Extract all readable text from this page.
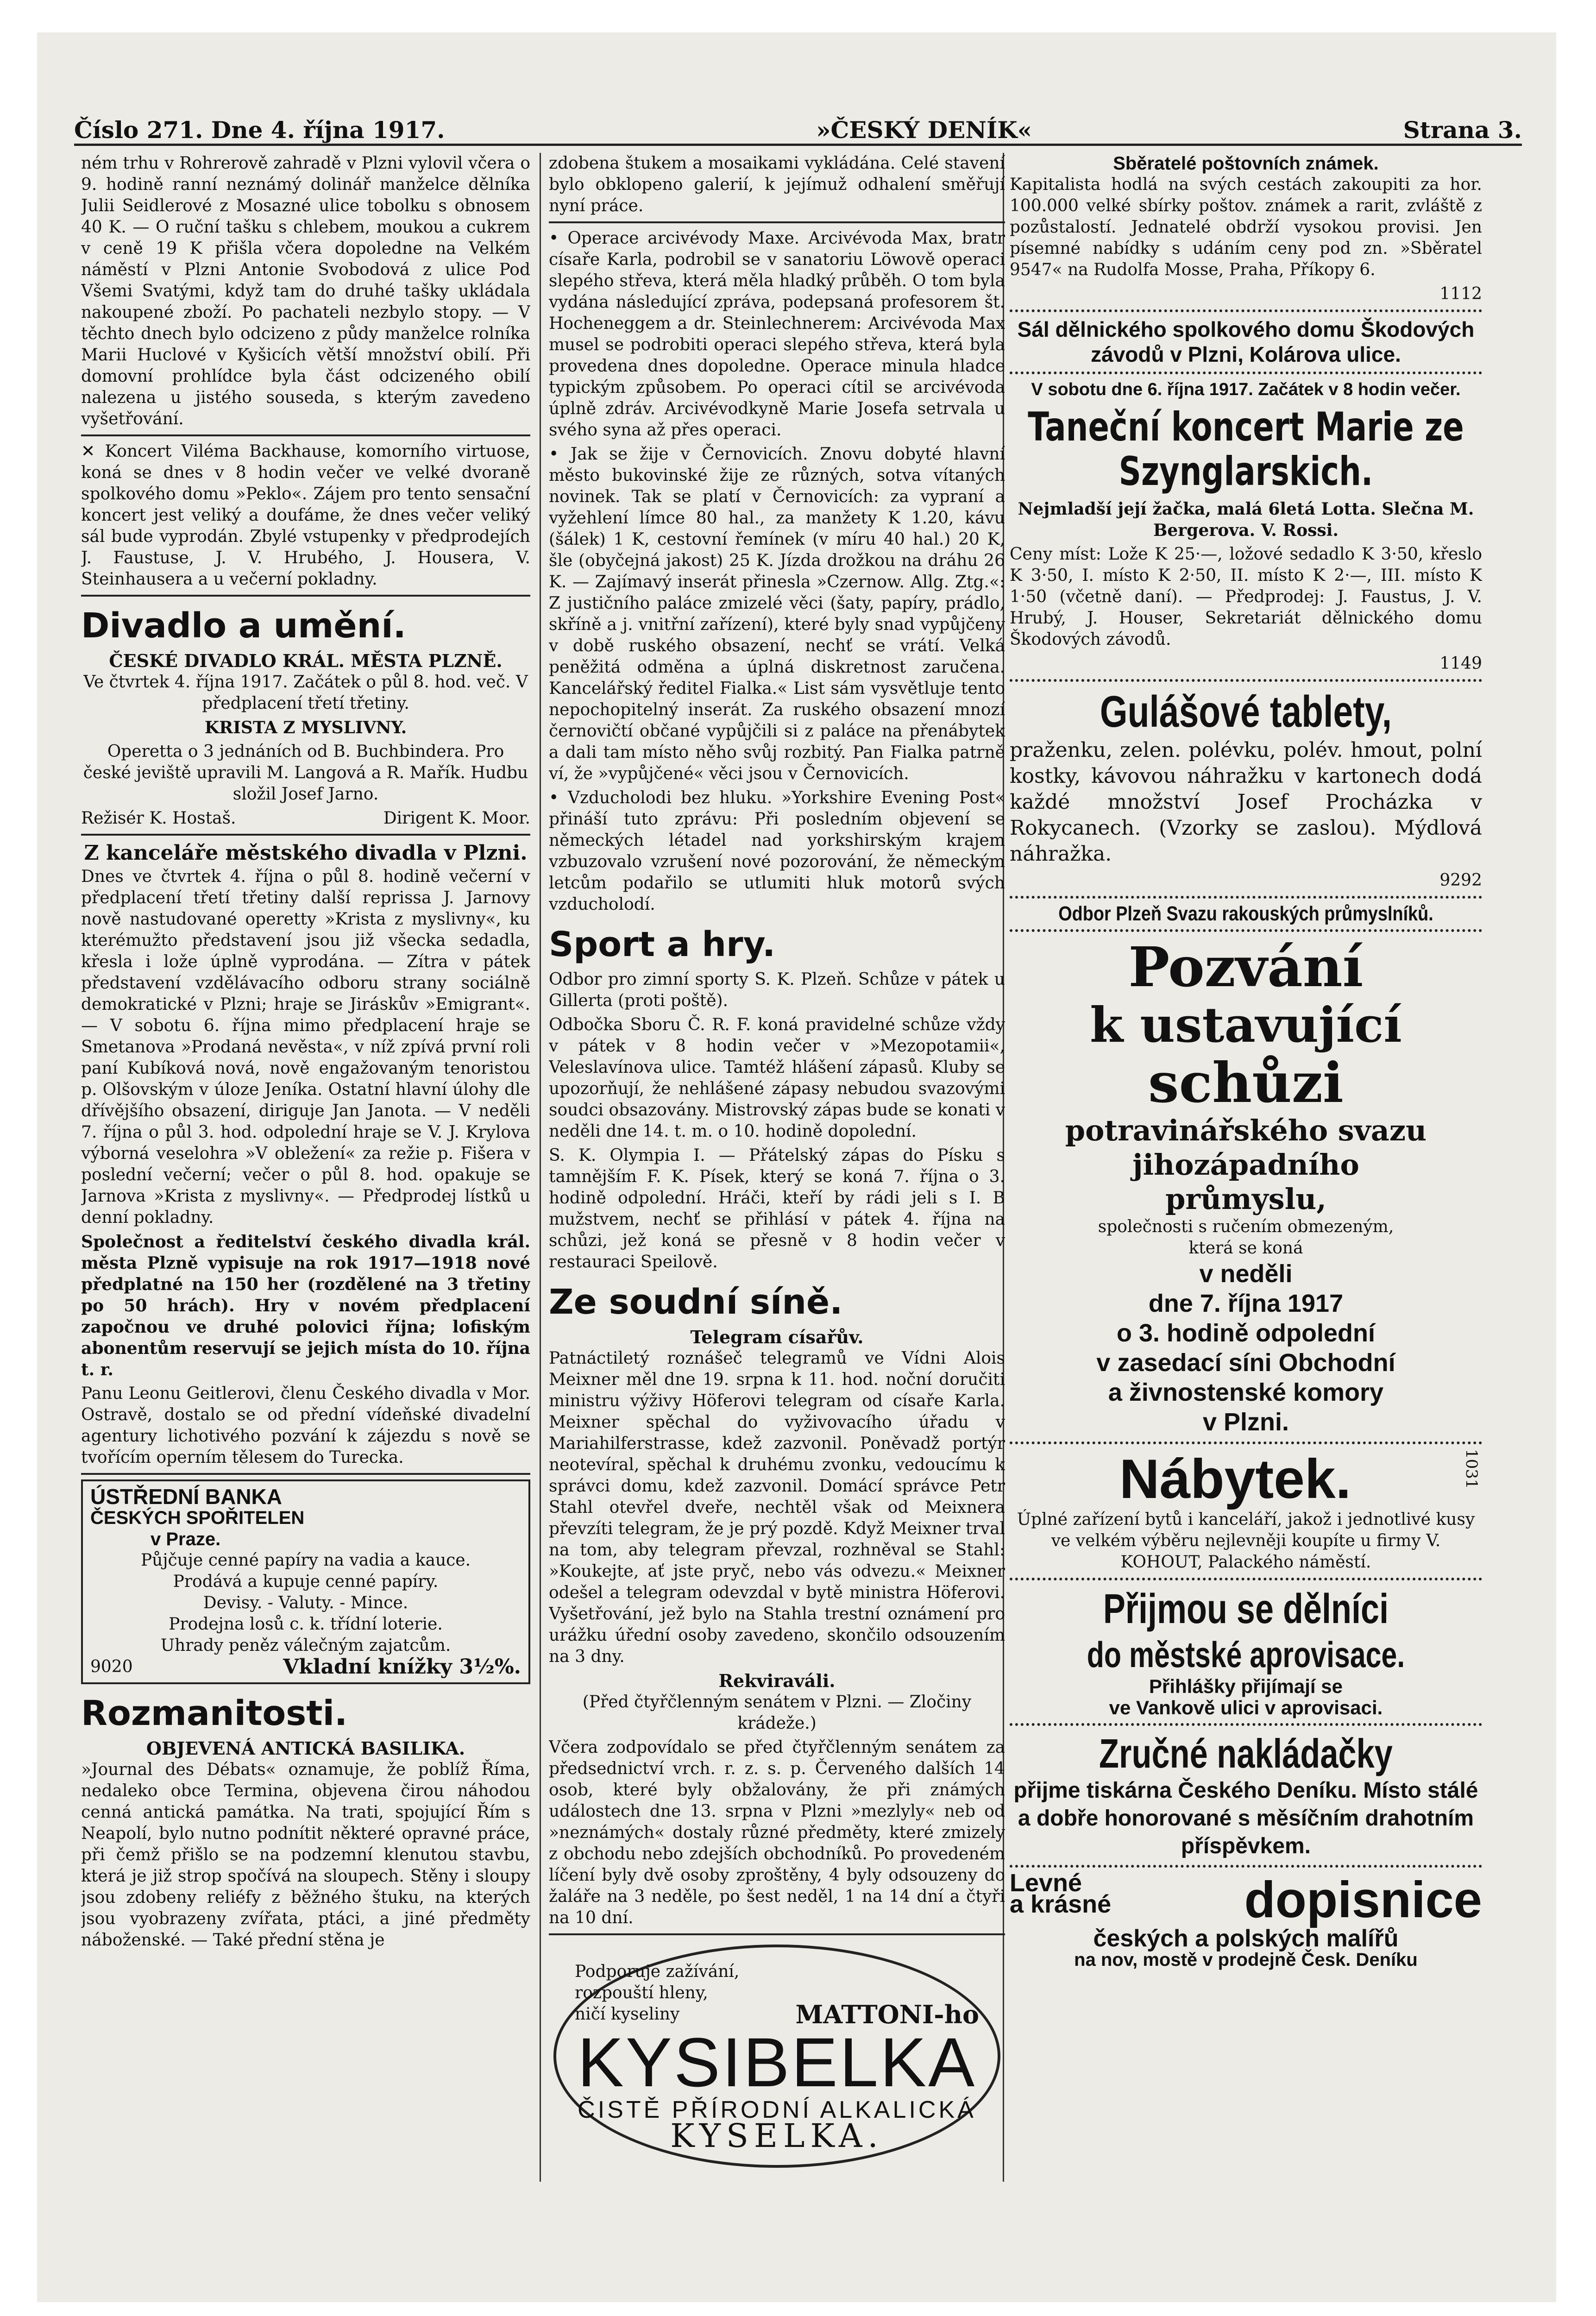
Číslo 271. Dne 4. října 1917.	»ČESKÝ DENÍK«	Strana 3.

ném trhu v Rohrerově zahradě v Plzni vylovil včera o 9. hodině ranní neznámý dolinář manželce dělníka Julii Seidlerové z Mosazné ulice tobolku s obnosem 40 K. — O ruční tašku s chlebem, moukou a cukrem v ceně 19 K přišla včera dopoledne na Velkém náměstí v Plzni Antonie Svobodová z ulice Pod Všemi Svatými, když tam do druhé tašky ukládala nakoupené zboží. Po pachateli nezbylo stopy. — V těchto dnech bylo odcizeno z půdy manželce rolníka Marii Huclové v Kyšicích větší množství obilí. Při domovní prohlídce byla část odcizeného obilí nalezena u jistého souseda, s kterým zavedeno vyšetřování.

✕ Koncert Viléma Backhause, komorního virtuose, koná se dnes v 8 hodin večer ve velké dvoraně spolkového domu »Peklo«. Zájem pro tento sensační koncert jest veliký a doufáme, že dnes večer veliký sál bude vyprodán. Zbylé vstupenky v předprodejích J. Faustuse, J. V. Hrubého, J. Housera, V. Steinhausera a u večerní pokladny.

Divadlo a umění.
ČESKÉ DIVADLO KRÁL. MĚSTA PLZNĚ.

Ve čtvrtek 4. října 1917. Začátek o půl 8. hod. več. V předplacení třetí třetiny.

KRISTA Z MYSLIVNY.

Operetta o 3 jednáních od B. Buchbindera. Pro české jeviště upravili M. Langová a R. Mařík. Hudbu složil Josef Jarno.

Režisér K. Hostaš.	Dirigent K. Moor.
Z kanceláře městského divadla v Plzni.

Dnes ve čtvrtek 4. října o půl 8. hodině večerní v předplacení třetí třetiny další reprissa J. Jarnovy nově nastudované operetty »Krista z myslivny«, ku kterémužto představení jsou již všecka sedadla, křesla i lože úplně vyprodána. — Zítra v pátek představení vzdělávacího odboru strany sociálně demokratické v Plzni; hraje se Jiráskův »Emigrant«. — V sobotu 6. října mimo předplacení hraje se Smetanova »Prodaná nevěsta«, v níž zpívá první roli paní Kubíková nová, nově engažovaným tenoristou p. Olšovským v úloze Jeníka. Ostatní hlavní úlohy dle dřívějšího obsazení, diriguje Jan Janota. — V neděli 7. října o půl 3. hod. odpolední hraje se V. J. Krylova výborná veselohra »V obležení« za režie p. Fišera v poslední večerní; večer o půl 8. hod. opakuje se Jarnova »Krista z myslivny«. — Předprodej lístků u denní pokladny.

Společnost a ředitelství českého divadla král. města Plzně vypisuje na rok 1917—1918 nové předplatné na 150 her (rozdělené na 3 třetiny po 50 hrách). Hry v novém předplacení započnou ve druhé polovici října; lofiským abonentům reservují se jejich místa do 10. října t. r.

Panu Leonu Geitlerovi, členu Českého divadla v Mor. Ostravě, dostalo se od přední vídeňské divadelní agentury lichotivého pozvání k zájezdu s nově se tvořícím operním tělesem do Turecka.

ÚSTŘEDNÍ BANKA
ČESKÝCH SPOŘITELEN
v Praze.
Půjčuje cenné papíry na vadia a kauce.
Prodává a kupuje cenné papíry.
Devisy. - Valuty. - Mince.
Prodejna losů c. k. třídní loterie.
Uhrady peněz válečným zajatcům.
9020	Vkladní knížky 3½%.
Rozmanitosti.
OBJEVENÁ ANTICKÁ BASILIKA.

»Journal des Débats« oznamuje, že poblíž Říma, nedaleko obce Termina, objevena čirou náhodou cenná antická památka. Na trati, spojující Řím s Neapolí, bylo nutno podnítit některé opravné práce, při čemž přišlo se na podzemní klenutou stavbu, která je již strop spočívá na sloupech. Stěny i sloupy jsou zdobeny reliéfy z běžného štuku, na kterých jsou vyobrazeny zvířata, ptáci, a jiné předměty náboženské. — Také přední stěna je

zdobena štukem a mosaikami vykládána. Celé stavení bylo obklopeno galerií, k jejímuž odhalení směřují nyní práce.

• Operace arcivévody Maxe. Arcivévoda Max, bratr císaře Karla, podrobil se v sanatoriu Löwově operaci slepého střeva, která měla hladký průběh. O tom byla vydána následující zpráva, podepsaná profesorem št. Hocheneggem a dr. Steinlechnerem: Arcivévoda Max musel se podrobiti operaci slepého střeva, která byla provedena dnes dopoledne. Operace minula hladce typickým způsobem. Po operaci cítil se arcivévoda úplně zdráv. Arcivévodkyně Marie Josefa setrvala u svého syna až přes operaci.

• Jak se žije v Černovicích. Znovu dobyté hlavní město bukovinské žije ze různých, sotva vítaných novinek. Tak se platí v Černovicích: za vypraní a vyžehlení límce 80 hal., za manžety K 1.20, kávu (šálek) 1 K, cestovní řemínek (v míru 40 hal.) 20 K, šle (obyčejná jakost) 25 K. Jízda drožkou na dráhu 26 K. — Zajímavý inserát přinesla »Czernow. Allg. Ztg.«: Z justičního paláce zmizelé věci (šaty, papíry, prádlo, skříně a j. vnitřní zařízení), které byly snad vypůjčeny v době ruského obsazení, nechť se vrátí. Velká peněžitá odměna a úplná diskretnost zaručena. Kancelářský ředitel Fialka.« List sám vysvětluje tento nepochopitelný inserát. Za ruského obsazení mnozí černovičtí občané vypůjčili si z paláce na přenábytek a dali tam místo něho svůj rozbitý. Pan Fialka patrně ví, že »vypůjčené« věci jsou v Černovicích.

• Vzducholodi bez hluku. »Yorkshire Evening Post« přináší tuto zprávu: Při posledním objevení se německých létadel nad yorkshirským krajem vzbuzovalo vzrušení nové pozorování, že německým letcům podařilo se utlumiti hluk motorů svých vzducholodí.

Sport a hry.

Odbor pro zimní sporty S. K. Plzeň. Schůze v pátek u Gillerta (proti poště).

Odbočka Sboru Č. R. F. koná pravidelné schůze vždy v pátek v 8 hodin večer v »Mezopotamii«, Veleslavínova ulice. Tamtéž hlášení zápasů. Kluby se upozorňují, že nehlášené zápasy nebudou svazovými soudci obsazovány. Mistrovský zápas bude se konati v neděli dne 14. t. m. o 10. hodině dopolední.

S. K. Olympia I. — Přátelský zápas do Písku s tamnějším F. K. Písek, který se koná 7. října o 3. hodině odpolední. Hráči, kteří by rádi jeli s I. B mužstvem, nechť se přihlásí v pátek 4. října na schůzi, jež koná se přesně v 8 hodin večer v restauraci Speilově.

Ze soudní síně.
Telegram císařův.

Patnáctiletý roznášeč telegramů ve Vídni Alois Meixner měl dne 19. srpna k 11. hod. noční doručiti ministru výživy Höferovi telegram od císaře Karla. Meixner spěchal do vyživovacího úřadu v Mariahilferstrasse, kdež zazvonil. Poněvadž portýr neotevíral, spěchal k druhému zvonku, vedoucímu k správci domu, kdež zazvonil. Domácí správce Petr Stahl otevřel dveře, nechtěl však od Meixnera převzíti telegram, že je prý pozdě. Když Meixner trval na tom, aby telegram převzal, rozhněval se Stahl: »Koukejte, ať jste pryč, nebo vás odvezu.« Meixner odešel a telegram odevzdal v bytě ministra Höferovi. Vyšetřování, jež bylo na Stahla trestní oznámení pro urážku úřední osoby zavedeno, skončilo odsouzením na 3 dny.

Rekviraváli.

(Před čtyřčlenným senátem v Plzni. — Zločiny krádeže.)

Včera zodpovídalo se před čtyřčlenným senátem za předsednictví vrch. r. z. s. p. Červeného dalších 14 osob, které byly obžalovány, že při známých událostech dne 13. srpna v Plzni »mezlyly« neb od »neznámých« dostaly různé předměty, které zmizely z obchodu nebo zdejších obchodníků. Po provedeném líčení byly dvě osoby zproštěny, 4 byly odsouzeny do žaláře na 3 neděle, po šest neděl, 1 na 14 dní a čtyři na 10 dní.

Podporuje zažívání,
rozpouští hleny,
ničí kyseliny	MATTONI-ho
KYSIBELKA
ČISTĚ PŘÍRODNÍ ALKALICKÁ
KYSELKA.
Sběratelé poštovních známek.

Kapitalista hodlá na svých cestách zakoupiti za hor. 100.000 velké sbírky poštov. známek a rarit, zvláště z pozůstalostí. Jednatelé obdrží vysokou provisi. Jen písemné nabídky s udáním ceny pod zn. »Sběratel 9547« na Rudolfa Mosse, Praha, Příkopy 6.

1112

Sál dělnického spolkového domu Škodových závodů v Plzni, Kolárova ulice.
V sobotu dne 6. října 1917. Začátek v 8 hodin večer.
Taneční koncert Marie ze Szynglarskich.

Nejmladší její žačka, malá 6letá Lotta. Slečna M. Bergerova. V. Rossi.

Ceny míst: Lože K 25·—, ložové sedadlo K 3·50, křeslo K 3·50, I. místo K 2·50, II. místo K 2·—, III. místo K 1·50 (včetně daní). — Předprodej: J. Faustus, J. V. Hrubý, J. Houser, Sekretariát dělnického domu Škodových závodů.

1149

Gulášové tablety,

praženku, zelen. polévku, polév. hmout, polní kostky, kávovou náhražku v kartonech dodá každé množství Josef Procházka v Rokycanech. (Vzorky se zaslou). Mýdlová náhražka.

9292

Odbor Plzeň Svazu rakouských průmyslníků.
Pozvání
k ustavující
schůzi
potravinářského svazu
jihozápadního
průmyslu,
společnosti s ručením obmezeným,
která se koná
v neděli
dne 7. října 1917
o 3. hodině odpolední
v zasedací síni Obchodní
a živnostenské komory
v Plzni.
Nábytek.	1031

Úplné zařízení bytů i kanceláří, jakož i jednotlivé kusy ve velkém výběru nejlevněji koupíte u firmy V. KOHOUT, Palackého náměstí.

Přijmou se dělníci
do městské aprovisace.
Přihlášky přijímají se
ve Vankově ulici v aprovisaci.
Zručné nakládačky

přijme tiskárna Českého Deníku. Místo stálé a dobře honorované s měsíčním drahotním příspěvkem.

Levné
a krásné	dopisnice
českých a polských malířů
na nov, mostě v prodejně Česk. Deníku
